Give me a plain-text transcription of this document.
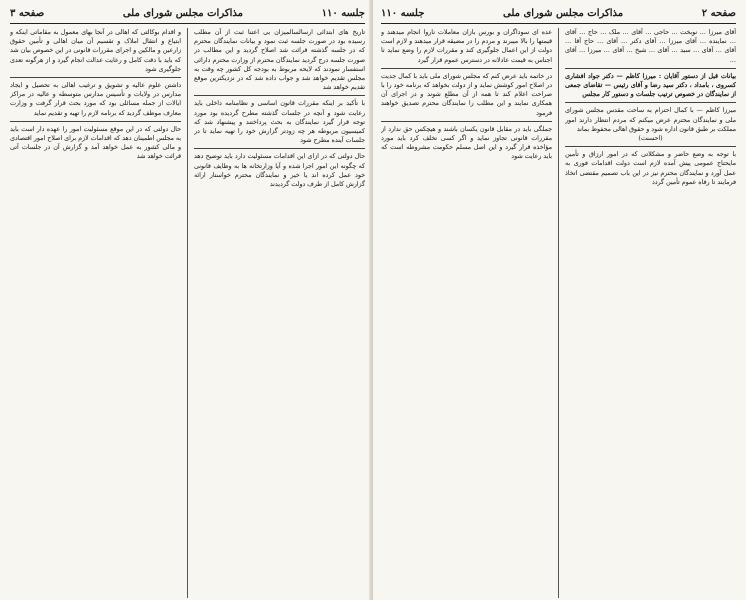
جلسه ۱۱۰
مذاکرات مجلس شورای ملی
صفحه ۳

تاریخ های ابتدائی ارسالسالمیزان بی اعتنا ثبت از آن مطلب رسیده بود در صورت جلسه ثبت نمود و بیانات نمایندگان محترم که در جلسه گذشته قرائت شد اصلاح گردید و این مطالب در صورت جلسه درج گردید نمایندگان محترم از وزارت محترم دارائی استفسار نمودند که لایحه مربوط به بودجه کل کشور چه وقت به مجلس تقدیم خواهد شد و جواب داده شد که در نزدیکترین موقع تقدیم خواهد شد

با تأکید بر اینکه مقررات قانون اساسی و نظامنامه داخلی باید رعایت شود و آنچه در جلسات گذشته مطرح گردیده بود مورد توجه قرار گیرد نمایندگان به بحث پرداختند و پیشنهاد شد که کمیسیون مربوطه هر چه زودتر گزارش خود را تهیه نماید تا در جلسات آینده مطرح شود

حال دولتی که در ازای این اقدامات مسئولیت دارد باید توضیح دهد که چگونه این امور اجرا شده و آیا وزارتخانه ها به وظایف قانونی خود عمل کرده اند یا خیر و نمایندگان محترم خواستار ارائه گزارش کامل از طرف دولت گردیدند

و اقدام بوکالتی که اهالی در آنجا بهای معمول به مقاماتی اینکه و ابتیاع و انتقال املاک و تقسیم آن میان اهالی و تأمین حقوق زارعین و مالکین و اجرای مقررات قانونی در این خصوص بیان شد که باید با دقت کامل و رعایت عدالت انجام گیرد و از هرگونه تعدی جلوگیری شود

داشتن علوم عالیه و تشویق و ترغیب اهالی به تحصیل و ایجاد مدارس در ولایات و تأسیس مدارس متوسطه و عالیه در مراکز ایالات از جمله مسائلی بود که مورد بحث قرار گرفت و وزارت معارف موظف گردید که برنامه لازم را تهیه و تقدیم نماید

حال دولتی که در این موقع مسئولیت امور را عهده دار است باید به مجلس اطمینان دهد که اقدامات لازم برای اصلاح امور اقتصادی و مالی کشور به عمل خواهد آمد و گزارش آن در جلسات آتی قرائت خواهد شد

صفحه ۲
مذاکرات مجلس شورای ملی
جلسه ۱۱۰

آقای میرزا … نوبخت … حاجی … آقای … ملک … حاج … آقای … نماینده … آقای میرزا … آقای دکتر … آقای … حاج آقا … آقای … آقای … سید … آقای … شیخ … آقای … میرزا … آقای …

بیانات قبل از دستور آقایان : میرزا کاظم — دکتر جواد افشاری کسروی ، بامداد ، دکتر سید رضا و آقای رئیس — تقاضای جمعی از نمایندگان در خصوص ترتیب جلسات و دستور کار مجلس

میرزا کاظم — با کمال احترام به ساحت مقدس مجلس شورای ملی و نمایندگان محترم عرض میکنم که مردم انتظار دارند امور مملکت بر طبق قانون اداره شود و حقوق اهالی محفوظ بماند

(احسنت)

با توجه به وضع حاضر و مشکلاتی که در امور ارزاق و تأمین مایحتاج عمومی پیش آمده لازم است دولت اقدامات فوری به عمل آورد و نمایندگان محترم نیز در این باب تصمیم مقتضی اتخاذ فرمایند تا رفاه عموم تأمین گردد

عده ای سوداگران و بورس بازان معاملات ناروا انجام میدهند و قیمتها را بالا میبرند و مردم را در مضیقه قرار میدهند و لازم است دولت از این اعمال جلوگیری کند و مقررات لازم را وضع نماید تا اجناس به قیمت عادلانه در دسترس عموم قرار گیرد

در خاتمه باید عرض کنم که مجلس شورای ملی باید با کمال جدیت در اصلاح امور کوشش نماید و از دولت بخواهد که برنامه خود را با صراحت اعلام کند تا همه از آن مطلع شوند و در اجرای آن همکاری نمایند و این مطلب را نمایندگان محترم تصدیق خواهند فرمود

جملگی باید در مقابل قانون یکسان باشند و هیچکس حق ندارد از مقررات قانونی تجاوز نماید و اگر کسی تخلف کرد باید مورد مؤاخذه قرار گیرد و این اصل مسلم حکومت مشروطه است که باید رعایت شود
